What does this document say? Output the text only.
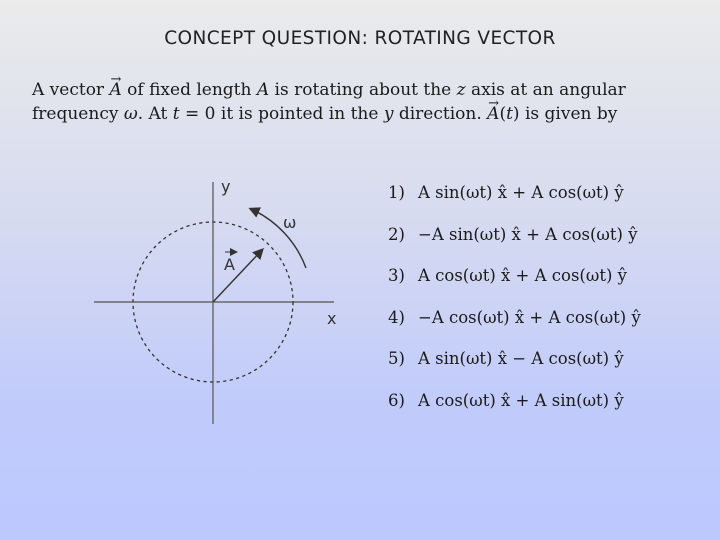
CONCEPT QUESTION: ROTATING VECTOR
A vector → A of fixed length A is rotating about the z axis at an angular frequency ω. At t = 0 it is pointed in the y direction. → A(t) is given by
y
x
ω
A
1) A sin(ωt) x̂ + A cos(ωt) ŷ
2) −A sin(ωt) x̂ + A cos(ωt) ŷ
3) A cos(ωt) x̂ + A cos(ωt) ŷ
4) −A cos(ωt) x̂ + A cos(ωt) ŷ
5) A sin(ωt) x̂ − A cos(ωt) ŷ
6) A cos(ωt) x̂ + A sin(ωt) ŷ
